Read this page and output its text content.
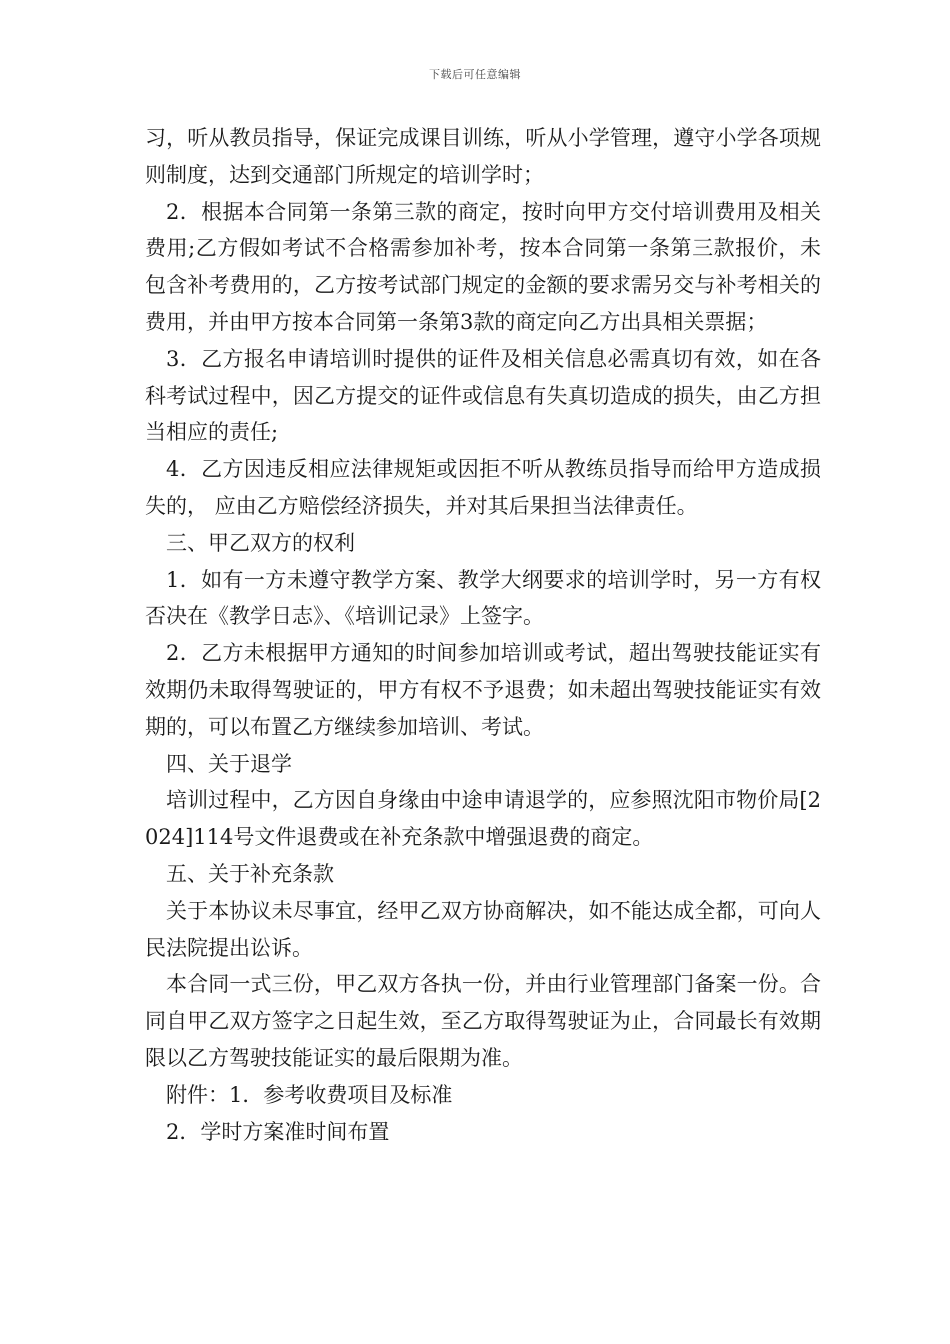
下载后可任意编辑

习，听从教员指导，保证完成课目训练，听从小学管理，遵守小学各项规则制度，达到交通部门所规定的培训学时；

2．根据本合同第一条第三款的商定，按时向甲方交付培训费用及相关费用;乙方假如考试不合格需参加补考，按本合同第一条第三款报价，未包含补考费用的，乙方按考试部门规定的金额的要求需另交与补考相关的费用，并由甲方按本合同第一条第3款的商定向乙方出具相关票据；

3．乙方报名申请培训时提供的证件及相关信息必需真切有效，如在各科考试过程中，因乙方提交的证件或信息有失真切造成的损失，由乙方担当相应的责任;

4．乙方因违反相应法律规矩或因拒不听从教练员指导而给甲方造成损失的， 应由乙方赔偿经济损失，并对其后果担当法律责任。

三、甲乙双方的权利

1．如有一方未遵守教学方案、教学大纲要求的培训学时，另一方有权否决在《教学日志》、《培训记录》上签字。

2．乙方未根据甲方通知的时间参加培训或考试，超出驾驶技能证实有效期仍未取得驾驶证的，甲方有权不予退费；如未超出驾驶技能证实有效期的，可以布置乙方继续参加培训、考试。

四、关于退学

培训过程中，乙方因自身缘由中途申请退学的，应参照沈阳市物价局[2024]114号文件退费或在补充条款中增强退费的商定。

五、关于补充条款

关于本协议未尽事宜，经甲乙双方协商解决，如不能达成全都，可向人民法院提出讼诉。

本合同一式三份，甲乙双方各执一份，并由行业管理部门备案一份。合同自甲乙双方签字之日起生效，至乙方取得驾驶证为止，合同最长有效期限以乙方驾驶技能证实的最后限期为准。

附件：1．参考收费项目及标准

2．学时方案准时间布置
